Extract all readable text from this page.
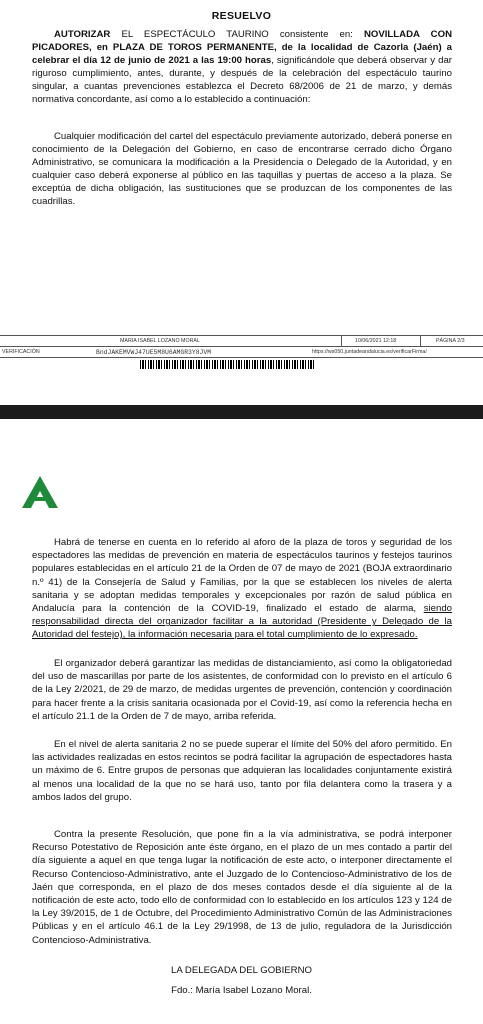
RESUELVO

AUTORIZAR EL ESPECTÁCULO TAURINO consistente en: NOVILLADA CON PICADORES, en PLAZA DE TOROS PERMANENTE, de la localidad de Cazorla (Jaén) a celebrar el día 12 de junio de 2021 a las 19:00 horas, significándole que deberá observar y dar riguroso cumplimiento, antes, durante, y después de la celebración del espectáculo taurino singular, a cuantas prevenciones establezca el Decreto 68/2006 de 21 de marzo, y demás normativa concordante, así como a lo establecido a continuación:

Cualquier modificación del cartel del espectáculo previamente autorizado, deberá ponerse en conocimiento de la Delegación del Gobierno, en caso de encontrarse cerrado dicho Órgano Administrativo, se comunicara la modificación a la Presidencia o Delegado de la Autoridad, y en cualquier caso deberá exponerse al público en las taquillas y puertas de acceso a la plaza. Se exceptúa de dicha obligación, las sustituciones que se produzcan de los componentes de las cuadrillas.

MARIA ISABEL LOZANO MORAL	10/06/2021 12:18	PÁGINA 2/3
VERIFICACIÓN	BndJAKEMVWJ47UE5M8U6AMGR3Y8JVM	https://ws050.juntadeandalucia.es/verificarFirma/

Habrá de tenerse en cuenta en lo referido al aforo de la plaza de toros y seguridad de los espectadores las medidas de prevención en materia de espectáculos taurinos y festejos taurinos populares establecidas en el artículo 21 de la Orden de 07 de mayo de 2021 (BOJA extraordinario n.º 41) de la Consejería de Salud y Familias, por la que se establecen los niveles de alerta sanitaria y se adoptan medidas temporales y excepcionales por razón de salud pública en Andalucía para la contención de la COVID-19, finalizado el estado de alarma, siendo responsabilidad directa del organizador facilitar a la autoridad (Presidente y Delegado de la Autoridad del festejo), la información necesaria para el total cumplimiento de lo expresado.

El organizador deberá garantizar las medidas de distanciamiento, así como la obligatoriedad del uso de mascarillas por parte de los asistentes, de conformidad con lo previsto en el artículo 6 de la Ley 2/2021, de 29 de marzo, de medidas urgentes de prevención, contención y coordinación para hacer frente a la crisis sanitaria ocasionada por el Covid-19, así como la referencia hecha en el artículo 21.1 de la Orden de 7 de mayo, arriba referida.

En el nivel de alerta sanitaria 2 no se puede superar el límite del 50% del aforo permitido. En las actividades realizadas en estos recintos se podrá facilitar la agrupación de espectadores hasta un máximo de 6. Entre grupos de personas que adquieran las localidades conjuntamente existirá al menos una localidad de la que no se hará uso, tanto por fila delantera como la trasera y a ambos lados del grupo.

Contra la presente Resolución, que pone fin a la vía administrativa, se podrá interponer Recurso Potestativo de Reposición ante éste órgano, en el plazo de un mes contado a partir del día siguiente a aquel en que tenga lugar la notificación de este acto, o interponer directamente el Recurso Contencioso-Administrativo, ante el Juzgado de lo Contencioso-Administrativo de los de Jaén que corresponda, en el plazo de dos meses contados desde el día siguiente al de la notificación de este acto, todo ello de conformidad con lo establecido en los artículos 123 y 124 de la Ley 39/2015, de 1 de Octubre, del Procedimiento Administrativo Común de las Administraciones Públicas y en el artículo 46.1 de la Ley 29/1998, de 13 de julio, reguladora de la Jurisdicción Contencioso-Administrativa.

LA DELEGADA DEL GOBIERNO
Fdo.: María Isabel Lozano Moral.
